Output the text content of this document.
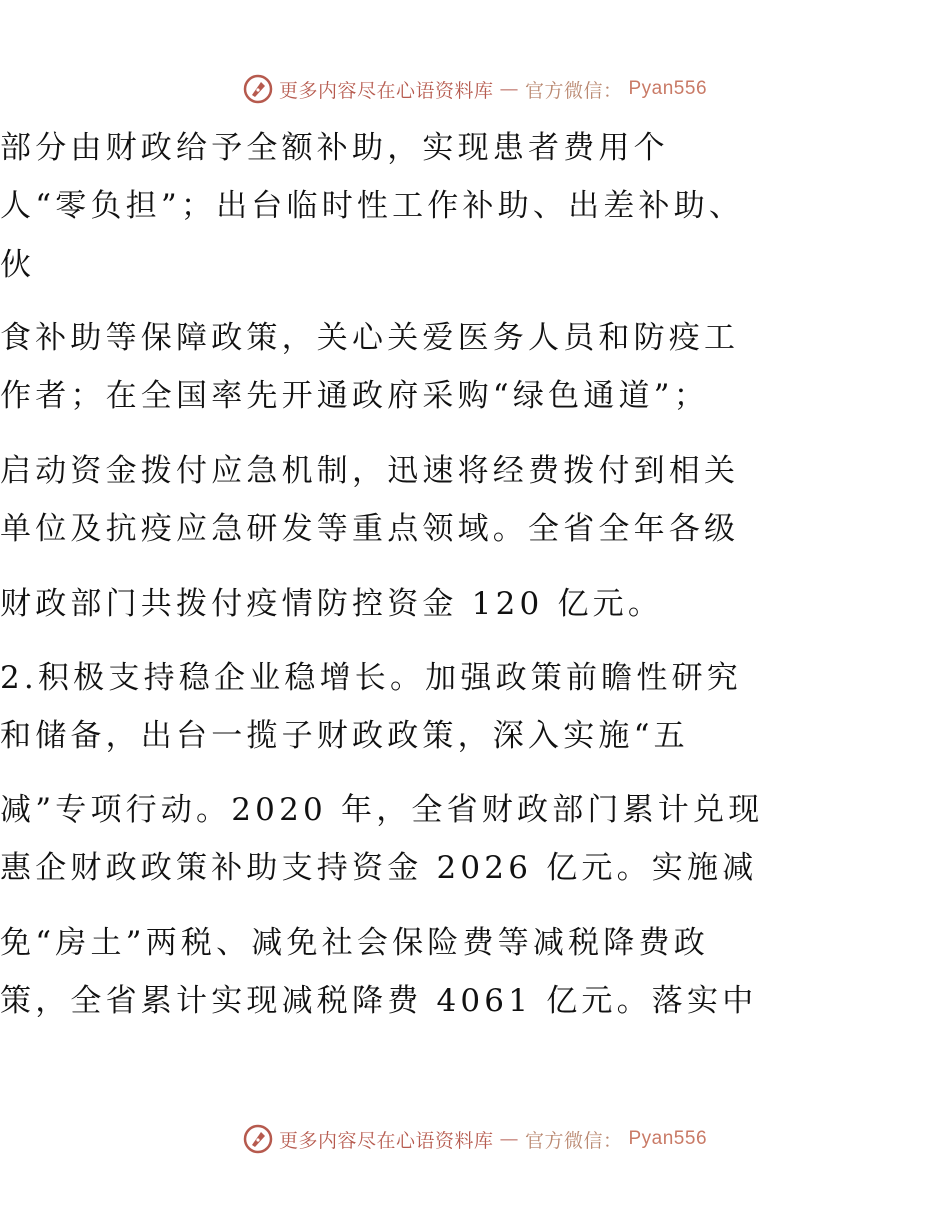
更多内容尽在心语资料库 — 官方微信： Pyan556
部分由财政给予全额补助，实现患者费用个
人“零负担”；出台临时性工作补助、出差补助、
伙
食补助等保障政策，关心关爱医务人员和防疫工
作者；在全国率先开通政府采购“绿色通道”；
启动资金拨付应急机制，迅速将经费拨付到相关
单位及抗疫应急研发等重点领域。全省全年各级
财政部门共拨付疫情防控资金 120 亿元。
2.积极支持稳企业稳增长。加强政策前瞻性研究
和储备，出台一揽子财政政策，深入实施“五
减”专项行动。2020 年，全省财政部门累计兑现
惠企财政政策补助支持资金 2026 亿元。实施减
免“房土”两税、减免社会保险费等减税降费政
策，全省累计实现减税降费 4061 亿元。落实中
更多内容尽在心语资料库 — 官方微信： Pyan556
